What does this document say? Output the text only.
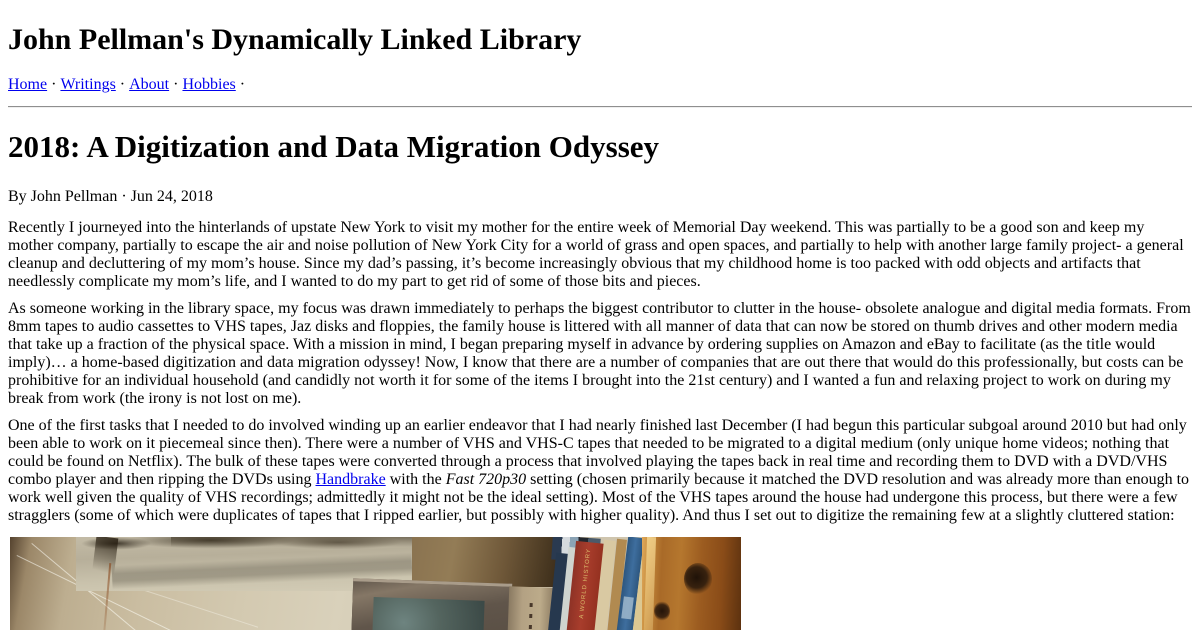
John Pellman's Dynamically Linked Library
Home · Writings · About · Hobbies ·
2018: A Digitization and Data Migration Odyssey
By John Pellman · Jun 24, 2018

Recently I journeyed into the hinterlands of upstate New York to visit my mother for the entire week of Memorial Day weekend. This was partially to be a good son and keep my mother company, partially to escape the air and noise pollution of New York City for a world of grass and open spaces, and partially to help with another large family project- a general cleanup and decluttering of my mom’s house. Since my dad’s passing, it’s become increasingly obvious that my childhood home is too packed with odd objects and artifacts that needlessly complicate my mom’s life, and I wanted to do my part to get rid of some of those bits and pieces.

As someone working in the library space, my focus was drawn immediately to perhaps the biggest contributor to clutter in the house- obsolete analogue and digital media formats. From 8mm tapes to audio cassettes to VHS tapes, Jaz disks and floppies, the family house is littered with all manner of data that can now be stored on thumb drives and other modern media that take up a fraction of the physical space. With a mission in mind, I began preparing myself in advance by ordering supplies on Amazon and eBay to facilitate (as the title would imply)… a home-based digitization and data migration odyssey! Now, I know that there are a number of companies that are out there that would do this professionally, but costs can be prohibitive for an individual household (and candidly not worth it for some of the items I brought into the 21st century) and I wanted a fun and relaxing project to work on during my break from work (the irony is not lost on me).

One of the first tasks that I needed to do involved winding up an earlier endeavor that I had nearly finished last December (I had begun this particular subgoal around 2010 but had only been able to work on it piecemeal since then). There were a number of VHS and VHS-C tapes that needed to be migrated to a digital medium (only unique home videos; nothing that could be found on Netflix). The bulk of these tapes were converted through a process that involved playing the tapes back in real time and recording them to DVD with a DVD/VHS combo player and then ripping the DVDs using Handbrake with the Fast 720p30 setting (chosen primarily because it matched the DVD resolution and was already more than enough to work well given the quality of VHS recordings; admittedly it might not be the ideal setting). Most of the VHS tapes around the house had undergone this process, but there were a few stragglers (some of which were duplicates of tapes that I ripped earlier, but possibly with higher quality). And thus I set out to digitize the remaining few at a slightly cluttered station:

A WORLD HISTORY
